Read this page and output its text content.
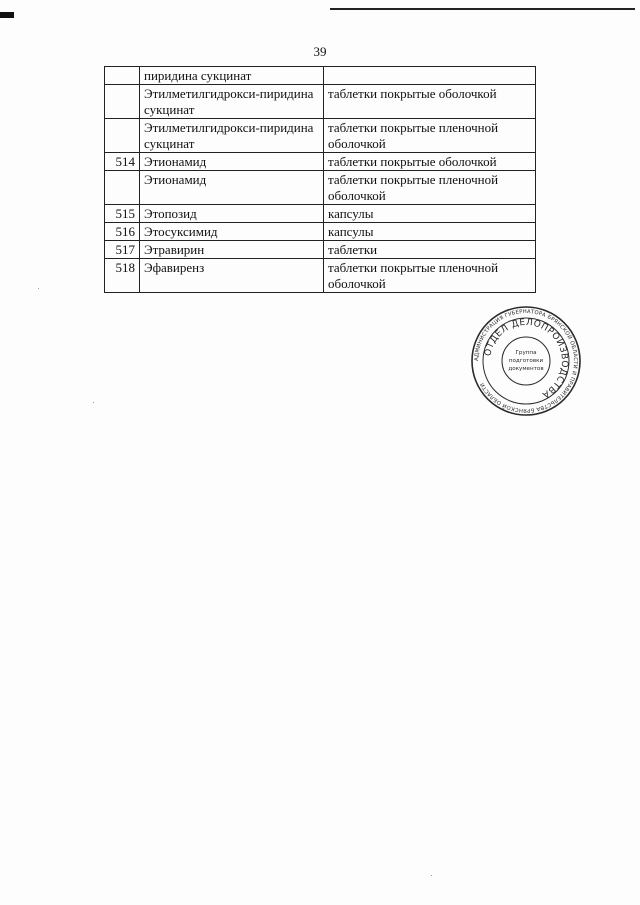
39
	пиридина сукцинат	
	Этилметилгидрокси-пиридина сукцинат	таблетки покрытые оболочкой
	Этилметилгидрокси-пиридина сукцинат	таблетки покрытые пленочной оболочкой
514	Этионамид	таблетки покрытые оболочкой
	Этионамид	таблетки покрытые пленочной оболочкой
515	Этопозид	капсулы
516	Этосуксимид	капсулы
517	Этравирин	таблетки
518	Эфавиренз	таблетки покрытые пленочной оболочкой
АДМИНИСТРАЦИЯ ГУБЕРНАТОРА БРЯНСКОЙ ОБЛАСТИ И ПРАВИТЕЛЬСТВА БРЯНСКОЙ ОБЛАСТИ
ОТДЕЛ ДЕЛОПРОИЗВОДСТВА
Группа
подготовки
документов
